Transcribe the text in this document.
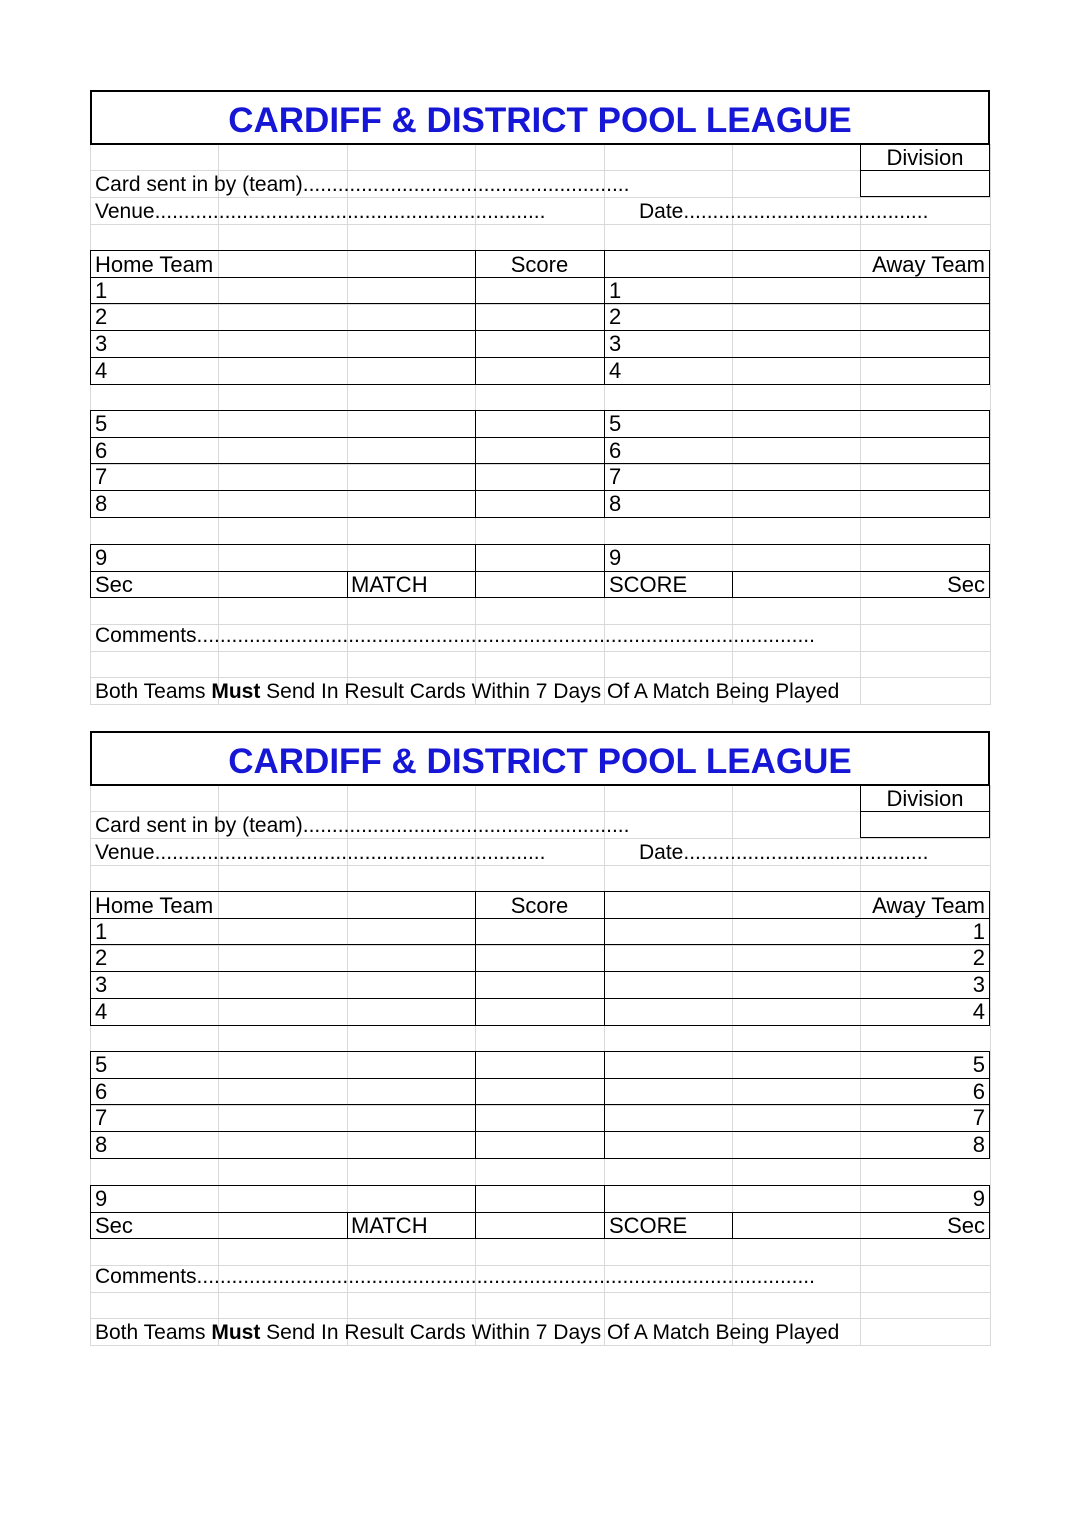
CARDIFF & DISTRICT POOL LEAGUE
Division
Card sent in by (team)........................................................
Venue...................................................................	Date..........................................
Home Team	Score	Away Team
1	1
2	2
3	3
4	4
5	5
6	6
7	7
8	8
9	9
Sec	MATCH	SCORE	Sec
Comments..........................................................................................................
Both Teams Must Send In Result Cards Within 7 Days Of A Match Being Played
CARDIFF & DISTRICT POOL LEAGUE
Division
Card sent in by (team)........................................................
Venue...................................................................	Date..........................................
Home Team	Score	Away Team
1	1
2	2
3	3
4	4
5	5
6	6
7	7
8	8
9	9
Sec	MATCH	SCORE	Sec
Comments..........................................................................................................
Both Teams Must Send In Result Cards Within 7 Days Of A Match Being Played
